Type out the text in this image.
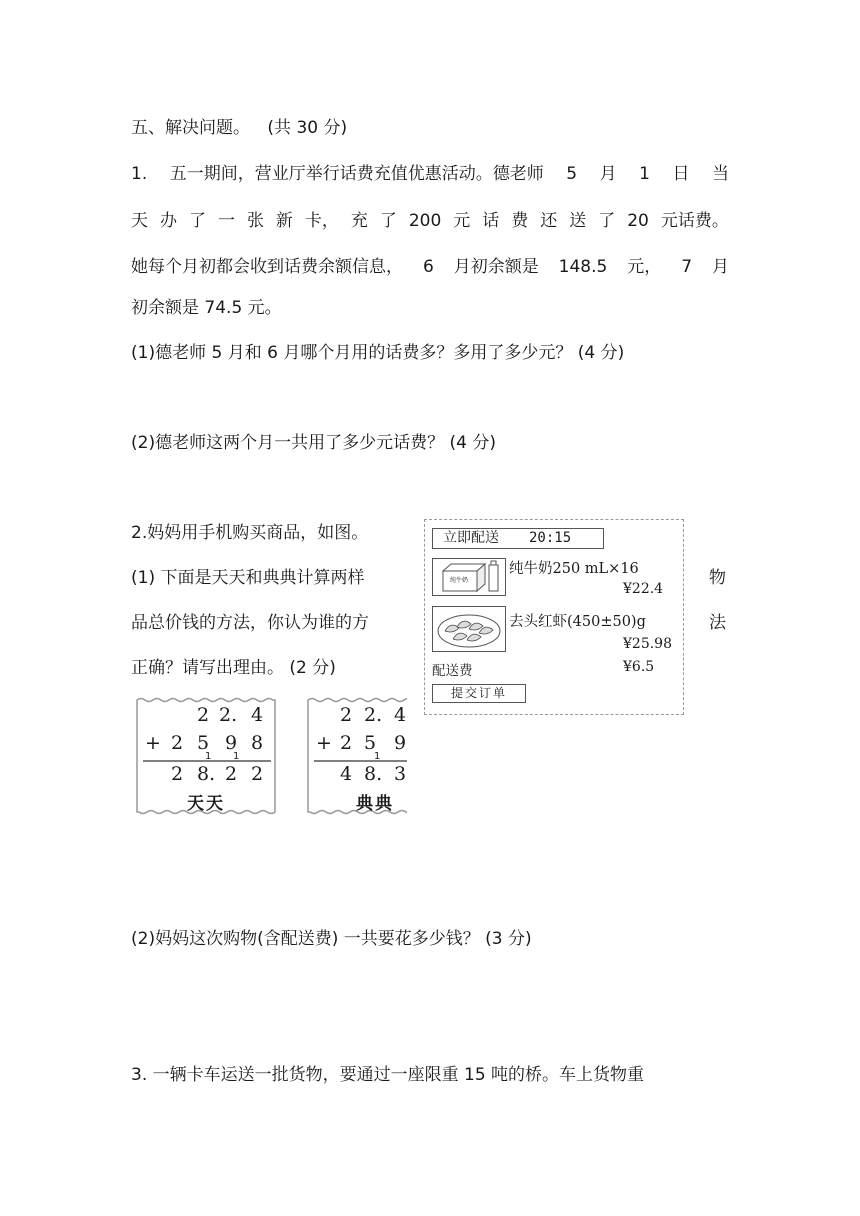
五、解决问题。 (共 30 分)
1. 五一期间，营业厅举行话费充值优惠活动。德老师 5 月 1 日 当
天 办 了 一 张 新 卡， 充 了 200 元 话 费 还 送 了 20 元话费。
她每个月初都会收到话费余额信息， 6 月初余额是 148.5 元， 7 月
初余额是 74.5 元。
(1)德老师 5 月和 6 月哪个月用的话费多？多用了多少元？ (4 分)
(2)德老师这两个月一共用了多少元话费？ (4 分)
2.妈妈用手机购买商品，如图。
(1) 下面是天天和典典计算两样	物
品总价钱的方法，你认为谁的方	法
正确？请写出理由。 (2 分)
立即配送 20:15
纯牛奶
纯牛奶250 mL×16
¥22.4
去头红虾(450±50)g
¥25.98
配送费	¥6.5
提交订单
2 2. 4
+ 2 5 9 8
1 1
2 8. 2 2
天天
2 2. 4
+ 2 5 9
1
4 8. 3
典典
(2)妈妈这次购物(含配送费) 一共要花多少钱？ (3 分)
3. 一辆卡车运送一批货物，要通过一座限重 15 吨的桥。车上货物重
